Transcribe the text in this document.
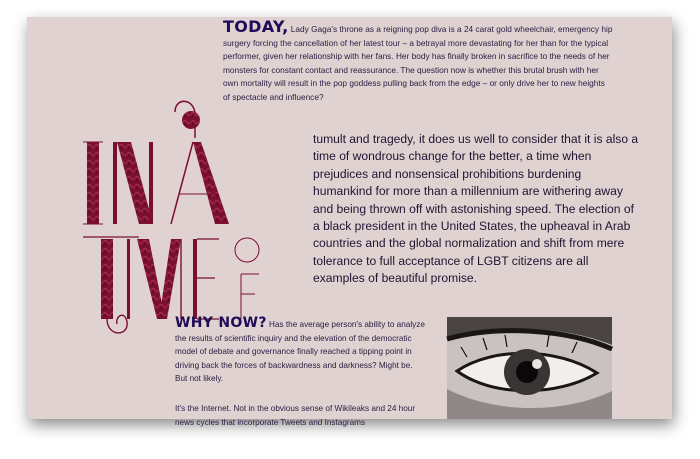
TODAY, Lady Gaga's throne as a reigning pop diva is a 24 carat gold wheelchair, emergency hip surgery forcing the cancellation of her latest tour – a betrayal more devastating for her than for the typical performer, given her relationship with her fans. Her body has finally broken in sacrifice to the needs of her monsters for constant contact and reassurance. The question now is whether this brutal brush with her own mortality will result in the pop goddess pulling back from the edge – or only drive her to new heights of spectacle and influence?
tumult and tragedy, it does us well to consider that it is also a time of wondrous change for the better, a time when prejudices and nonsensical prohibitions burdening humankind for more than a millennium are withering away and being thrown off with astonishing speed. The election of a black president in the United States, the upheaval in Arab countries and the global normalization and shift from mere tolerance to full acceptance of LGBT citizens are all examples of beautiful promise.
WHY NOW? Has the average person's ability to analyze the results of scientific inquiry and the elevation of the democratic model of debate and governance finally reached a tipping point in driving back the forces of backwardness and darkness? Might be. But not likely.
It's the Internet. Not in the obvious sense of Wikileaks and 24 hour news cycles that incorporate Tweets and Instagrams
